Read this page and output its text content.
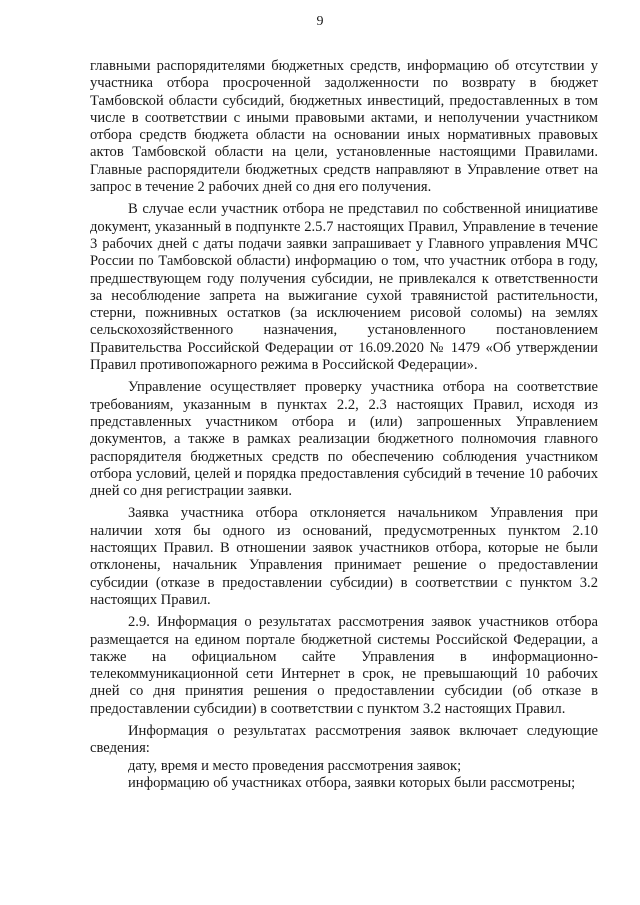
9

главными распорядителями бюджетных средств, информацию об отсутствии у участника отбора просроченной задолженности по возврату в бюджет Тамбовской области субсидий, бюджетных инвестиций, предоставленных в том числе в соответствии с иными правовыми актами, и неполучении участником отбора средств бюджета области на основании иных нормативных правовых актов Тамбовской области на цели, установленные настоящими Правилами. Главные распорядители бюджетных средств направляют в Управление ответ на запрос в течение 2 рабочих дней со дня его получения.

В случае если участник отбора не представил по собственной инициативе документ, указанный в подпункте 2.5.7 настоящих Правил, Управление в течение 3 рабочих дней с даты подачи заявки запрашивает у Главного управления МЧС России по Тамбовской области) информацию о том, что участник отбора в году, предшествующем году получения субсидии, не привлекался к ответственности за несоблюдение запрета на выжигание сухой травянистой растительности, стерни, пожнивных остатков (за исключением рисовой соломы) на землях сельскохозяйственного назначения, установленного постановлением Правительства Российской Федерации от 16.09.2020 № 1479 «Об утверждении Правил противопожарного режима в Российской Федерации».

Управление осуществляет проверку участника отбора на соответствие требованиям, указанным в пунктах 2.2, 2.3 настоящих Правил, исходя из представленных участником отбора и (или) запрошенных Управлением документов, а также в рамках реализации бюджетного полномочия главного распорядителя бюджетных средств по обеспечению соблюдения участником отбора условий, целей и порядка предоставления субсидий в течение 10 рабочих дней со дня регистрации заявки.

Заявка участника отбора отклоняется начальником Управления при наличии хотя бы одного из оснований, предусмотренных пунктом 2.10 настоящих Правил. В отношении заявок участников отбора, которые не были отклонены, начальник Управления принимает решение о предоставлении субсидии (отказе в предоставлении субсидии) в соответствии с пунктом 3.2 настоящих Правил.

2.9. Информация о результатах рассмотрения заявок участников отбора размещается на едином портале бюджетной системы Российской Федерации, а также на официальном сайте Управления в информационно-телекоммуникационной сети Интернет в срок, не превышающий 10 рабочих дней со дня принятия решения о предоставлении субсидии (об отказе в предоставлении субсидии) в соответствии с пунктом 3.2 настоящих Правил.

Информация о результатах рассмотрения заявок включает следующие сведения:

дату, время и место проведения рассмотрения заявок;
информацию об участниках отбора, заявки которых были рассмотрены;
